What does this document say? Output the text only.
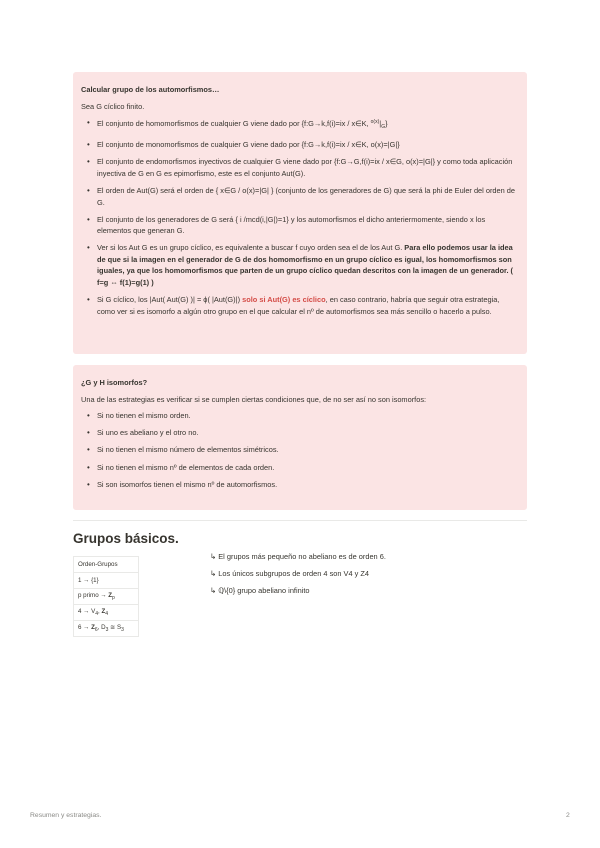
Calcular grupo de los automorfismos…
Sea G cíclico finito.
• El conjunto de homomorfismos de cualquier G viene dado por {f:G→k,f(i)=ix / x∈K, $^{o(x)}|_G$}
• El conjunto de monomorfismos de cualquier G viene dado por {f:G→k,f(i)=ix / x∈K, o(x)=|G|}
• El conjunto de endomorfismos inyectivos de cualquier G viene dado por {f:G→G,f(i)=ix / x∈G, o(x)=|G|} y como toda aplicación inyectiva de G en G es epimorfismo, este es el conjunto Aut(G).
• El orden de Aut(G) será el orden de { x∈G / o(x)=|G| } (conjunto de los generadores de G) que será la phi de Euler del orden de G.
• El conjunto de los generadores de G será { i /mcd(i,|G|)=1} y los automorfismos el dicho anteriermomente, siendo x los elementos que generan G.
• Ver si los Aut G es un grupo cíclico, es equivalente a buscar f cuyo orden sea el de los Aut G. Para ello podemos usar la idea de que si la imagen en el generador de G de dos homomorfismo en un grupo cíclico es igual, los homomorfismos son iguales, ya que los homomorfismos que parten de un grupo cíclico quedan descritos con la imagen de un generador. ( f=g ⇔ f(1)=g(1) )
• Si G cíclico, los |Aut( Aut(G) )| = ϕ( |Aut(G)|) solo si Aut(G) es cíclico, en caso contrario, habría que seguir otra estrategia, como ver si es isomorfo a algún otro grupo en el que calcular el nº de automorfismos sea más sencillo o hacerlo a pulso.
¿G y H isomorfos?
Una de las estrategias es verificar si se cumplen ciertas condiciones que, de no ser así no son isomorfos:
• Si no tienen el mismo orden.
• Si uno es abeliano y el otro no.
• Si no tienen el mismo número de elementos simétricos.
• Si no tienen el mismo nº de elementos de cada orden.
• Si son isomorfos tienen el mismo nº de automorfismos.
Grupos básicos.
Orden-Grupos
1 → {1}
p primo → $Z_p$
$4 \to V_4$, $Z_4$
$6 \to Z_6$, $D_3$ ≅ $S_3$
↳ El grupos más pequeño no abeliano es de orden 6.
↳ Los únicos subgrupos de orden 4 son V4 y Z4
↳ ℚ\{0} grupo abeliano infinito
Resumen y estrategias.	2
